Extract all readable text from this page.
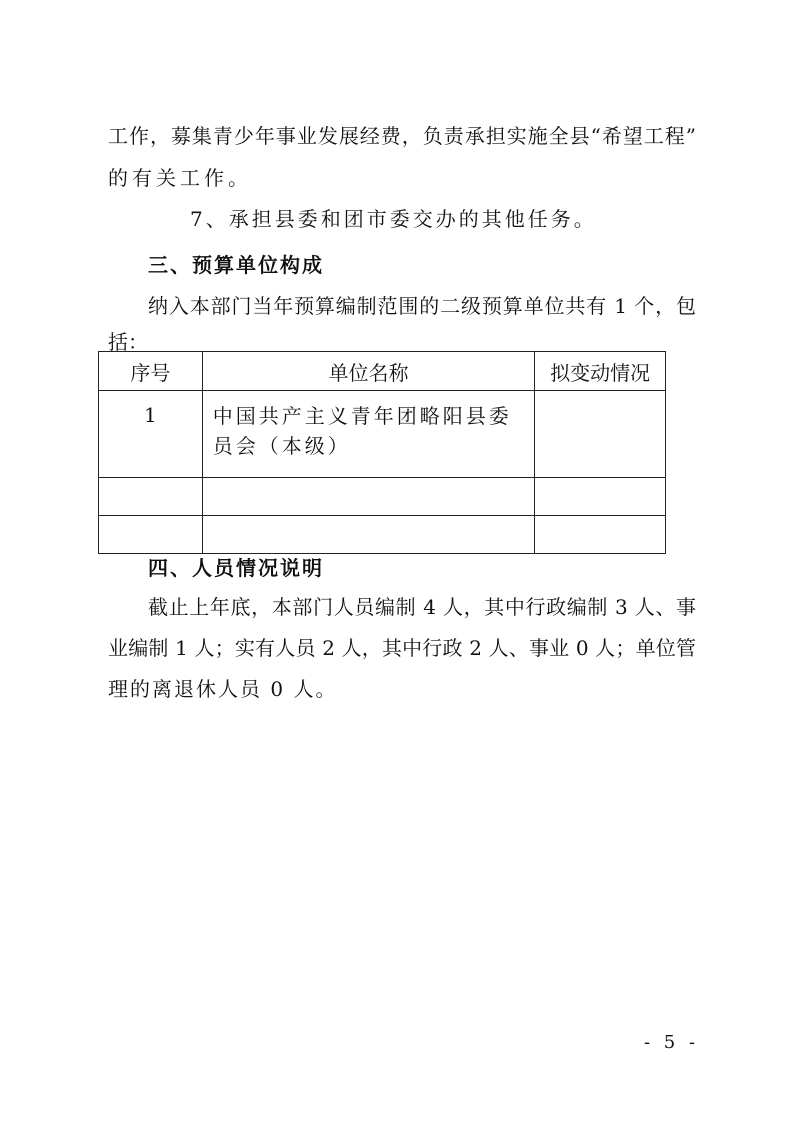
工作，募集青少年事业发展经费，负责承担实施全县“希望工程”
的有关工作。
7、承担县委和团市委交办的其他任务。
三、预算单位构成
纳入本部门当年预算编制范围的二级预算单位共有 1 个，包
括：
序号	单位名称	拟变动情况
1	中国共产主义青年团略阳县委员会（本级）	

四、人员情况说明
截止上年底，本部门人员编制 4 人，其中行政编制 3 人、事
业编制 1 人；实有人员 2 人，其中行政 2 人、事业 0 人；单位管
理的离退休人员 0 人。
- 5 -
